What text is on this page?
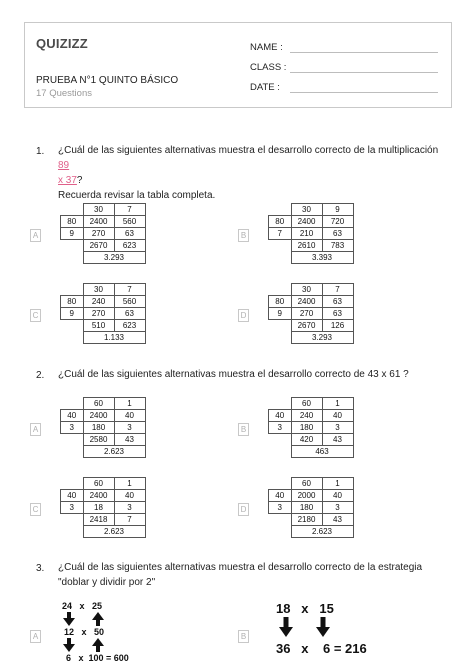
QUIZIZZ
PRUEBA N°1 QUINTO BÁSICO
17 Questions
NAME :
CLASS :
DATE :
1. ¿Cuál de las siguientes alternativas muestra el desarrollo correcto de la multiplicación 89
x 37?
Recuerda revisar la tabla completa.
A
	30	7
80	2400	560
9	270	63
	2670	623
	3.293	
B
	30	9
80	2400	720
7	210	63
	2610	783
	3.393	
C
	30	7
80	240	560
9	270	63
	510	623
	1.133	
D
	30	7
80	2400	63
9	270	63
	2670	126
	3.293	
2. ¿Cuál de las siguientes alternativas muestra el desarrollo correcto de 43 x 61 ?
A
	60	1
40	2400	40
3	180	3
	2580	43
	2.623	
B
	60	1
40	240	40
3	180	3
	420	43
	463	
C
	60	1
40	2400	40
3	18	3
	2418	7
	2.623	
D
	60	1
40	2000	40
3	180	3
	2180	43
	2.623	
3. ¿Cuál de las siguientes alternativas muestra el desarrollo correcto de la estrategia
"doblar y dividir por 2"
A
24   x   25
12   x   50
6   x  100 = 600
B
18   x   15
36   x    6 = 216
